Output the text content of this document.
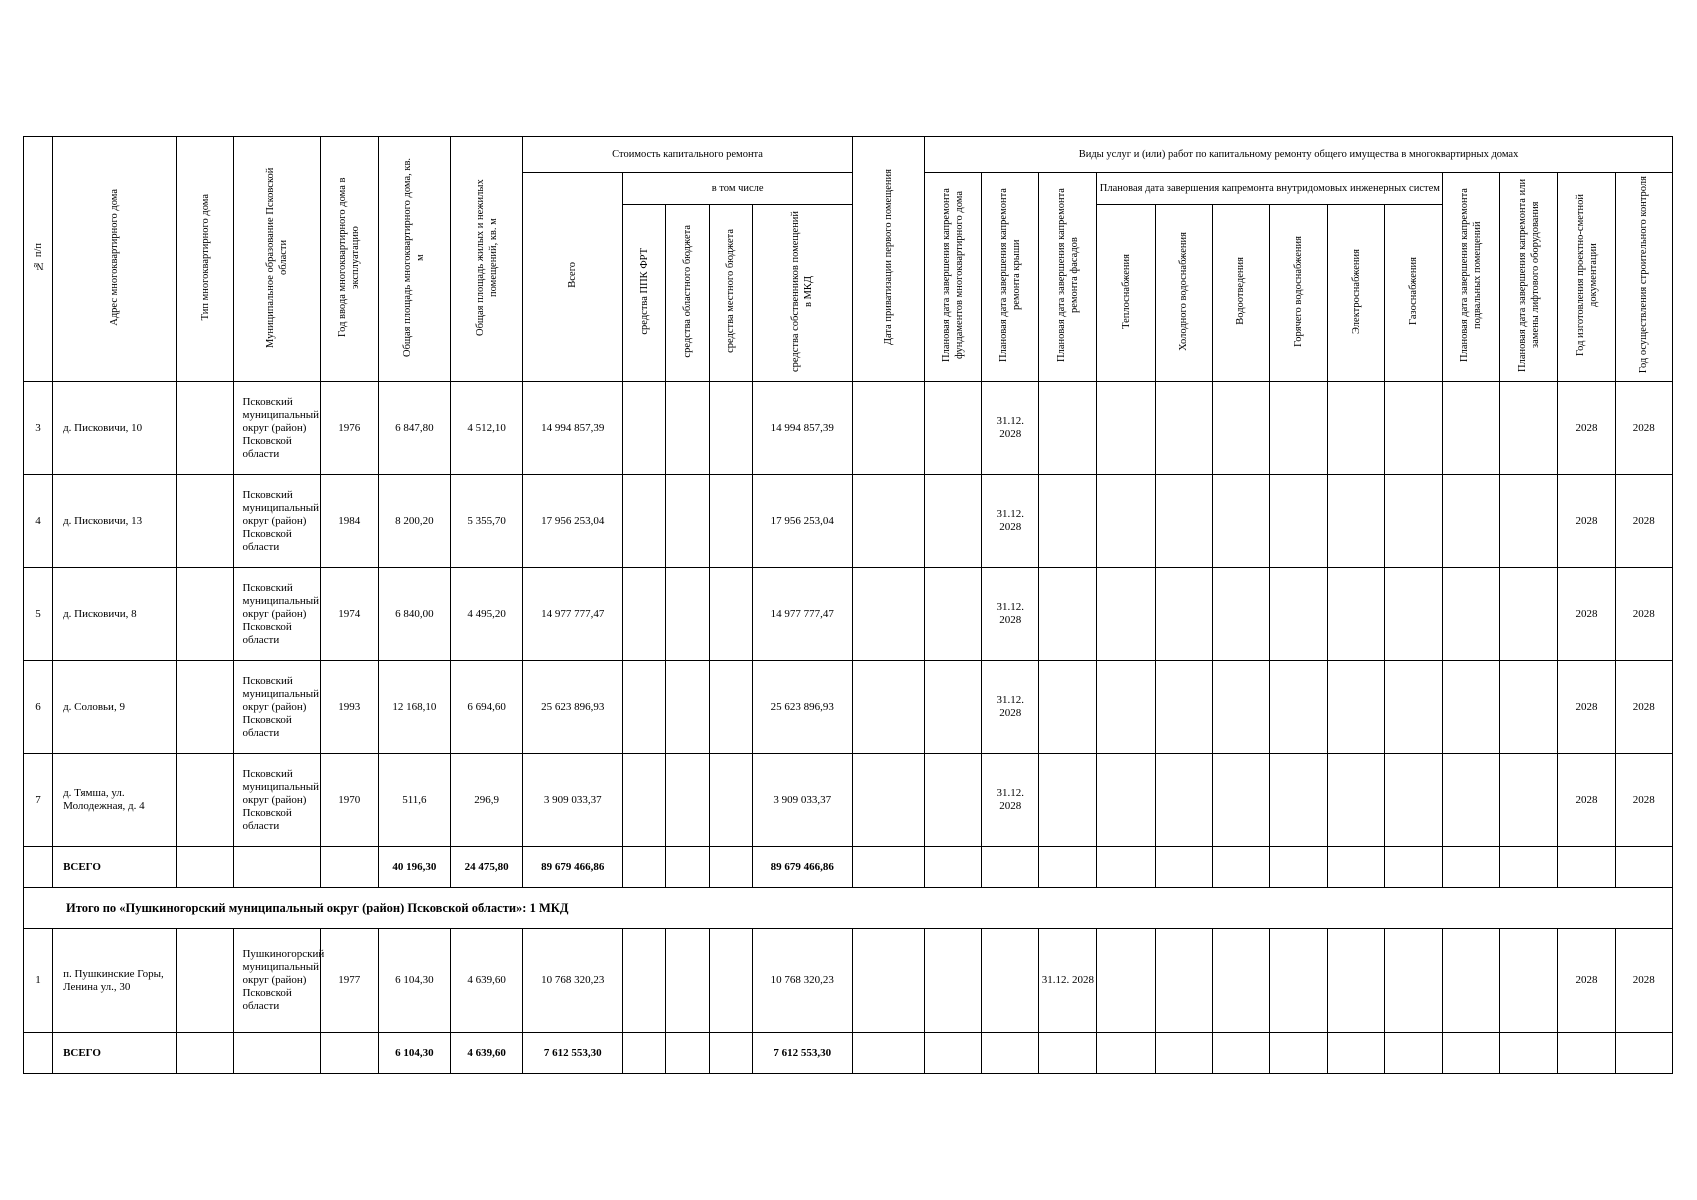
№ п/п	Адрес многоквартирного дома	Тип многоквартирного дома	Муниципальное образование Псковской области	Год ввода многоквартирного дома в эксплуатацию	Общая площадь многоквартирного дома, кв. м	Общая площадь жилых и нежилых помещений, кв. м	Стоимость капитального ремонта					Дата приватизации первого помещения	Виды услуг и (или) работ по капитальному ремонту общего имущества в многоквартирных домах												
							Всего	в том числе					Плановая дата завершения капремонта фундаментов многоквартирного дома	Плановая дата завершения капремонта ремонта крыши	Плановая дата завершения капремонта ремонта фасадов	Плановая дата завершения капремонта внутридомовых инженерных систем						Плановая дата завершения капремонта подвальных помещений	Плановая дата завершения капремонта или замены лифтового оборудования	Год изготовления проектно-сметной документации	Год осуществления строительного контроля
								средства ППК ФРТ	средства областного бюджета	средства местного бюджета	средства собственников помещений в МКД					Теплоснабжения	Холодного водоснабжения	Водоотведения	Горячего водоснабжения	Электроснабжения	Газоснабжения				
3	д. Писковичи, 10		Псковский муниципальный округ (район) Псковской области	1976	6 847,80	4 512,10	14 994 857,39				14 994 857,39			31.12. 2028										2028	2028
4	д. Писковичи, 13		Псковский муниципальный округ (район) Псковской области	1984	8 200,20	5 355,70	17 956 253,04				17 956 253,04			31.12. 2028										2028	2028
5	д. Писковичи, 8		Псковский муниципальный округ (район) Псковской области	1974	6 840,00	4 495,20	14 977 777,47				14 977 777,47			31.12. 2028										2028	2028
6	д. Соловьи, 9		Псковский муниципальный округ (район) Псковской области	1993	12 168,10	6 694,60	25 623 896,93				25 623 896,93			31.12. 2028										2028	2028
7	д. Тямша, ул. Молодежная, д. 4		Псковский муниципальный округ (район) Псковской области	1970	511,6	296,9	3 909 033,37				3 909 033,37			31.12. 2028										2028	2028
	ВСЕГО				40 196,30	24 475,80	89 679 466,86				89 679 466,86														
Итого по «Пушкиногорский муниципальный округ (район) Псковской области»: 1 МКД																									
1	п. Пушкинские Горы, Ленина ул., 30		Пушкиногорский муниципальный округ (район) Псковской области	1977	6 104,30	4 639,60	10 768 320,23				10 768 320,23				31.12. 2028									2028	2028
	ВСЕГО				6 104,30	4 639,60	7 612 553,30				7 612 553,30														
